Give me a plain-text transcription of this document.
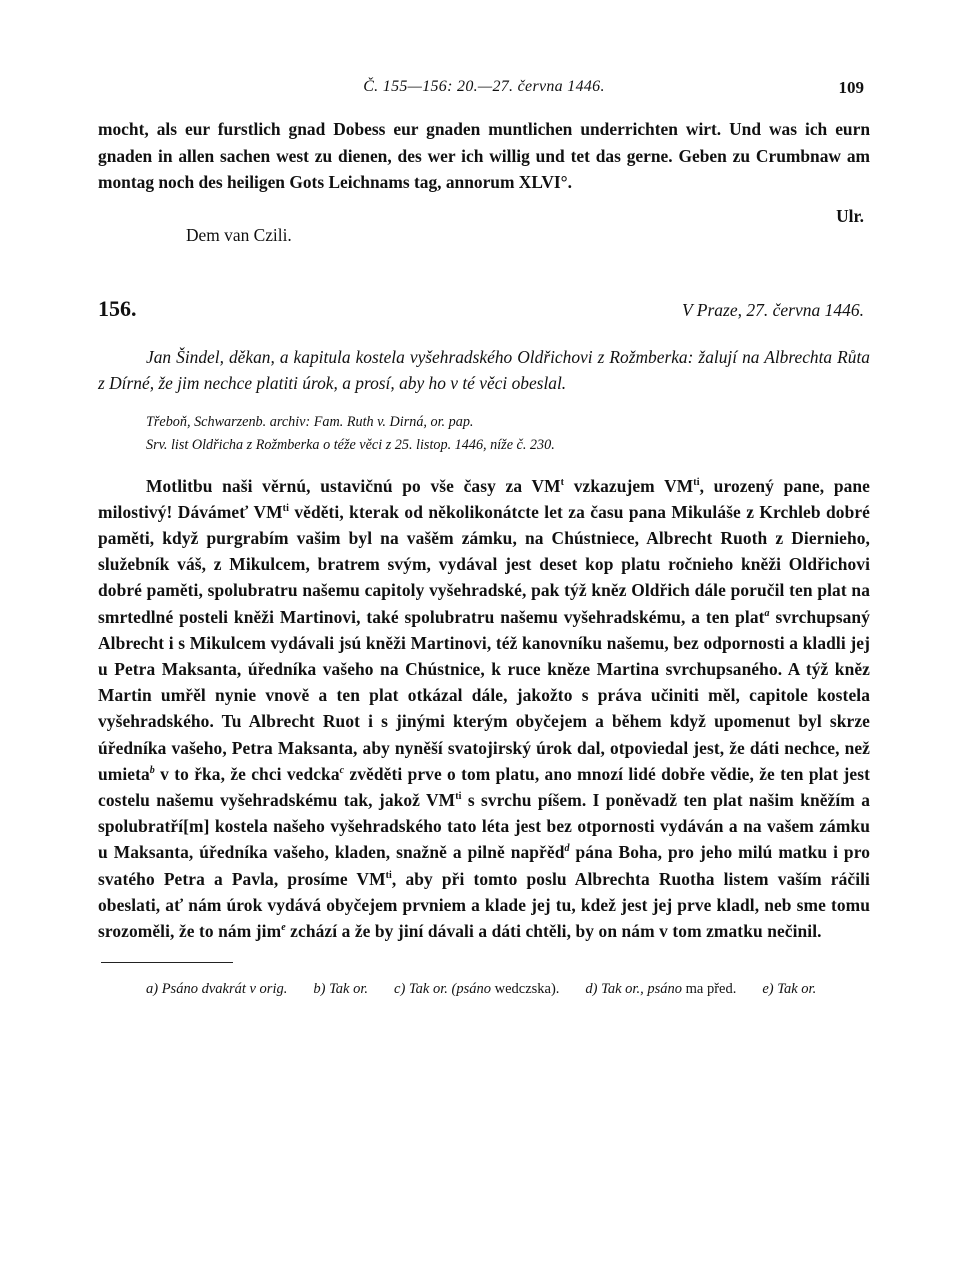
Č. 155—156: 20.—27. června 1446.	109

mocht, als eur furstlich gnad Dobess eur gnaden muntlichen underrichten wirt. Und was ich eurn gnaden in allen sachen west zu dienen, des wer ich willig und tet das gerne. Geben zu Crumbnaw am montag noch des heiligen Gots Leichnams tag, annorum XLVI°.

Ulr.
Dem van Czili.
156.	V Praze, 27. června 1446.
Jan Šindel, děkan, a kapitula kostela vyšehradského Oldřichovi z Rožmberka: žalují na Albrechta Růta z Dírné, že jim nechce platiti úrok, a prosí, aby ho v té věci obeslal.
Třeboň, Schwarzenb. archiv: Fam. Ruth v. Dirná, or. pap.
Srv. list Oldřicha z Rožmberka o téže věci z 25. listop. 1446, níže č. 230.

Motlitbu naši věrnú, ustavičnú po vše časy za $VM^t$ vzkazujem $VM^{ti}$, urozený pane, pane milostivý! Dávámeť $VM^{ti}$ věděti, kterak od několikonátcte let za času pana Mikuláše z Krchleb dobré paměti, když purgrabím vašim byl na vašěm zámku, na Chústniece, Albrecht Ruoth z Diernieho, služebník váš, z Mikulcem, bratrem svým, vydával jest deset kop platu ročnieho kněži Oldřichovi dobré paměti, spolubratru našemu capitoly vyšehradské, pak týž kněz Oldřich dále poručil ten plat na smrtedlné posteli kněži Martinovi, také spolubratru našemu vyšehradskému, a ten plat$^a$ svrchupsaný Albrecht i s Mikulcem vydávali jsú kněži Martinovi, též kanovníku našemu, bez odpornosti a kladli jej u Petra Maksanta, úředníka vašeho na Chústnice, k ruce kněze Martina svrchupsaného. A týž kněz Martin umřěl nynie vnově a ten plat otkázal dále, jakožto s práva učiniti měl, capitole kostela vyšehradského. Tu Albrecht Ruot i s jinými kterým obyčejem a během když upomenut byl skrze úředníka vašeho, Petra Maksanta, aby nyněší svatojirský úrok dal, otpoviedal jest, že dáti nechce, než umieta$^b$ v to řka, že chci vedcka$^c$ zvěděti prve o tom platu, ano mnozí lidé dobře vědie, že ten plat jest costelu našemu vyšehradskému tak, jakož $VM^{ti}$ s svrchu píšem. I poněvadž ten plat našim kněžím a spolubratří[m] kostela našeho vyšehradského tato léta jest bez otpornosti vydáván a na vašem zámku u Maksanta, úředníka vašeho, kladen, snažně a pilně napřěd$^d$ pána Boha, pro jeho milú matku i pro svatého Petra a Pavla, prosíme $VM^{ti}$, aby při tomto poslu Albrechta Ruotha listem vaším ráčili obeslati, ať nám úrok vydává obyčejem prvniem a klade jej tu, kdež jest jej prve kladl, neb sme tomu srozoměli, že to nám jim$^e$ zchází a že by jiní dávali a dáti chtěli, by on nám v tom zmatku nečinil.

a) Psáno dvakrát v orig. b) Tak or. c) Tak or. (psáno wedczska). d) Tak or., psáno ma před. e) Tak or.
